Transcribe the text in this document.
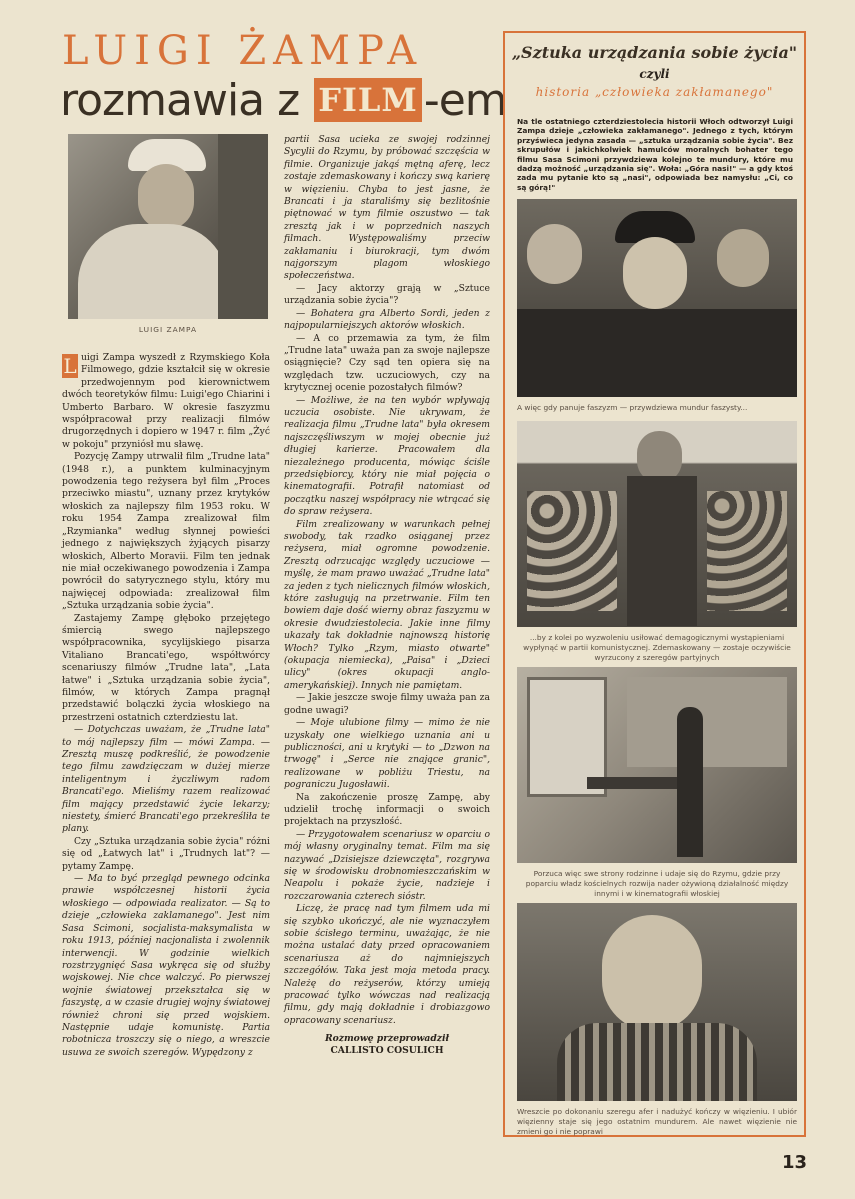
LUIGI ŻAMPA
rozmawia z FILM -em
LUIGI ZAMPA

L uigi Zampa wyszedł z Rzymskiego Koła Filmowego, gdzie kształcił się w okresie przedwojennym pod kierownictwem dwóch teoretyków filmu: Luigi'ego Chiarini i Umberto Barbaro. W okresie faszyzmu współpracował przy realizacji filmów drugorzędnych i dopiero w 1947 r. film „Żyć w pokoju" przyniósł mu sławę.

Pozycję Zampy utrwalił film „Trudne lata" (1948 r.), a punktem kulminacyjnym powodzenia tego reżysera był film „Proces przeciwko miastu", uznany przez krytyków włoskich za najlepszy film 1953 roku. W roku 1954 Zampa zrealizował film „Rzymianka" według słynnej powieści jednego z największych żyjących pisarzy włoskich, Alberto Moravii. Film ten jednak nie miał oczekiwanego powodzenia i Zampa powrócił do satyrycznego stylu, który mu najwięcej odpowiada: zrealizował film „Sztuka urządzania sobie życia".

Zastajemy Zampę głęboko przejętego śmiercią swego najlepszego współpracownika, sycylijskiego pisarza Vitaliano Brancati'ego, współtwórcy scenariuszy filmów „Trudne lata", „Lata łatwe" i „Sztuka urządzania sobie życia", filmów, w których Zampa pragnął przedstawić bolączki życia włoskiego na przestrzeni ostatnich czterdziestu lat.

— Dotychczas uważam, że „Trudne lata" to mój najlepszy film — mówi Zampa. — Zresztą muszę podkreślić, że powodzenie tego filmu zawdzięczam w dużej mierze inteligentnym i życzliwym radom Brancati'ego. Mieliśmy razem realizować film mający przedstawić życie lekarzy; niestety, śmierć Brancati'ego przekreśliła te plany.

Czy „Sztuka urządzania sobie życia" różni się od „Łatwych lat" i „Trudnych lat"? — pytamy Zampę.

— Ma to być przegląd pewnego odcinka prawie współczesnej historii życia włoskiego — odpowiada realizator. — Są to dzieje „człowieka zaklamanego". Jest nim Sasa Scimoni, socjalista-maksymalista w roku 1913, później nacjonalista i zwolennik interwencji. W godzinie wielkich rozstrzygnięć Sasa wykręca się od służby wojskowej. Nie chce walczyć. Po pierwszej wojnie światowej przekształca się w faszystę, a w czasie drugiej wojny światowej również chroni się przed wojskiem. Następnie udaje komunistę. Partia robotnicza troszczy się o niego, a wreszcie usuwa ze swoich szeregów. Wypędzony z

partii Sasa ucieka ze swojej rodzinnej Sycylii do Rzymu, by próbować szczęścia w filmie. Organizuje jakąś mętną aferę, lecz zostaje zdemaskowany i kończy swą karierę w więzieniu. Chyba to jest jasne, że Brancati i ja staraliśmy się bezlitośnie piętnować w tym filmie oszustwo — tak zresztą jak i w poprzednich naszych filmach. Występowaliśmy przeciw zakłamaniu i biurokracji, tym dwóm najgorszym plagom włoskiego społeczeństwa.

— Jacy aktorzy grają w „Sztuce urządzania sobie życia"?

— Bohatera gra Alberto Sordi, jeden z najpopularniejszych aktorów włoskich.

— A co przemawia za tym, że film „Trudne lata" uważa pan za swoje najlepsze osiągnięcie? Czy sąd ten opiera się na względach tzw. uczuciowych, czy na krytycznej ocenie pozostałych filmów?

— Możliwe, że na ten wybór wpływają uczucia osobiste. Nie ukrywam, że realizacja filmu „Trudne lata" była okresem najszczęśliwszym w mojej obecnie już długiej karierze. Pracowałem dla niezależnego producenta, mówiąc ściśle przedsiębiorcy, który nie miał pojęcia o kinematografii. Potrafił natomiast od początku naszej współpracy nie wtrącać się do spraw reżysera.

Film zrealizowany w warunkach pełnej swobody, tak rzadko osiąganej przez reżysera, miał ogromne powodzenie. Zresztą odrzucając względy uczuciowe — myślę, że mam prawo uważać „Trudne lata" za jeden z tych nielicznych filmów włoskich, które zasługują na przetrwanie. Film ten bowiem daje dość wierny obraz faszyzmu w okresie dwudziestolecia. Jakie inne filmy ukazały tak dokładnie najnowszą historię Włoch? Tylko „Rzym, miasto otwarte" (okupacja niemiecka), „Paisa" i „Dzieci ulicy" (okres okupacji anglo-amerykańskiej). Innych nie pamiętam.

— Jakie jeszcze swoje filmy uważa pan za godne uwagi?

— Moje ulubione filmy — mimo że nie uzyskały one wielkiego uznania ani u publiczności, ani u krytyki — to „Dzwon na trwogę" i „Serce nie znające granic", realizowane w pobliżu Triestu, na pograniczu Jugosławii.

Na zakończenie proszę Zampę, aby udzielił trochę informacji o swoich projektach na przyszłość.

— Przygotowałem scenariusz w oparciu o mój własny oryginalny temat. Film ma się nazywać „Dzisiejsze dziewczęta", rozgrywa się w środowisku drobnomieszczańskim w Neapolu i pokaże życie, nadzieje i rozczarowania czterech sióstr.

Liczę, że pracę nad tym filmem uda mi się szybko ukończyć, ale nie wyznaczyłem sobie ścisłego terminu, uważając, że nie można ustalać daty przed opracowaniem scenariusza aż do najmniejszych szczegółów. Taka jest moja metoda pracy. Należę do reżyserów, którzy umieją pracować tylko wówczas nad realizacją filmu, gdy mają dokładnie i drobiazgowo opracowany scenariusz.

Rozmowę przeprowadził
CALLISTO COSULICH
„Sztuka urządzania sobie życia"
czyli
historia „człowieka zakłamanego"
Na tle ostatniego czterdziestolecia historii Włoch odtworzył Luigi Zampa dzieje „człowieka zakłamanego". Jednego z tych, którym przyświeca jedyna zasada — „sztuka urządzania sobie życia". Bez skrupułów i jakichkolwiek hamulców moralnych bohater tego filmu Sasa Scimoni przywdziewa kolejno te mundury, które mu dadzą możność „urządzania się". Woła: „Góra nasi!" — a gdy ktoś zada mu pytanie kto są „nasi", odpowiada bez namysłu: „Ci, co są górą!"
A więc gdy panuje faszyzm — przywdziewa mundur faszysty...
...by z kolei po wyzwoleniu usiłować demagogicznymi wystąpieniami wypłynąć w partii komunistycznej. Zdemaskowany — zostaje oczywiście wyrzucony z szeregów partyjnych
Porzuca więc swe strony rodzinne i udaje się do Rzymu, gdzie przy poparciu władz kościelnych rozwija nader ożywioną działalność między innymi i w kinematografii włoskiej
Wreszcie po dokonaniu szeregu afer i nadużyć kończy w więzieniu. I ubiór więzienny staje się jego ostatnim mundurem. Ale nawet więzienie nie zmieni go i nie poprawi
13
